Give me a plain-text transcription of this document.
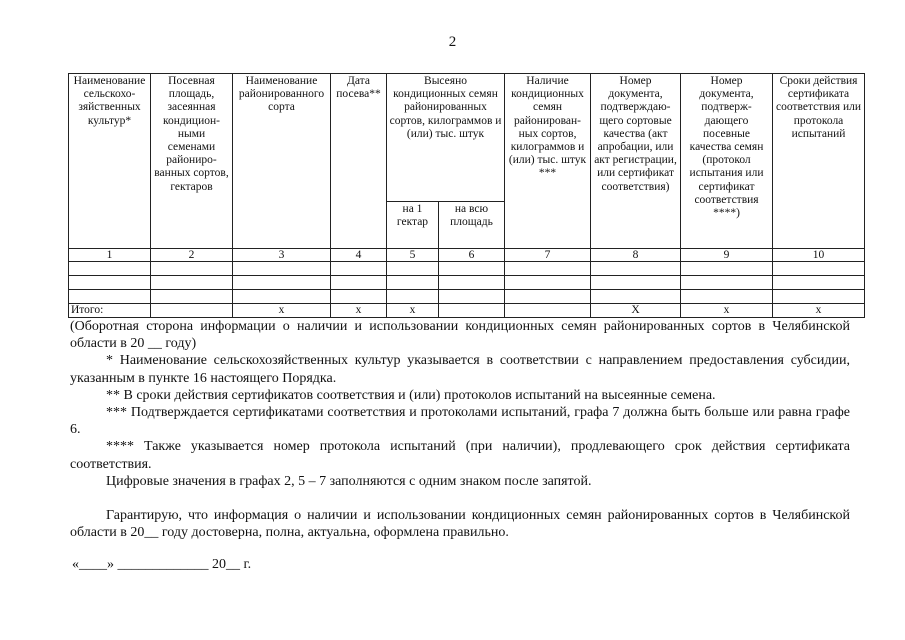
2
Наименование сельскохо-зяйственных культур*	Посевная площадь, засеянная кондицион-ными семенами райониро-ванных сортов, гектаров	Наименование районированного сорта	Дата посева**	Высеяно кондиционных семян районированных сортов, килограммов и (или) тыс. штук		Наличие кондиционных семян районирован-ных сортов, килограммов и (или) тыс. штук ***	Номер документа, подтверждаю-щего сортовые качества (акт апробации, или акт регистрации, или сертификат соответствия)	Номер документа, подтверж-дающего посевные качества семян (протокол испытания или сертификат соответствия ****)	Сроки действия сертификата соответствия или протокола испытаний
				на 1 гектар	на всю площадь				
1	2	3	4	5	6	7	8	9	10

Итого:		x	x	x			X	x	x

(Оборотная сторона информации о наличии и использовании кондиционных семян районированных сортов в Челябинской области в 20 __ году)

* Наименование сельскохозяйственных культур указывается в соответствии с направлением предоставления субсидии, указанным в пункте 16 настоящего Порядка.

** В сроки действия сертификатов соответствия и (или) протоколов испытаний на высеянные семена.

*** Подтверждается сертификатами соответствия и протоколами испытаний, графа 7 должна быть больше или равна графе 6.

**** Также указывается номер протокола испытаний (при наличии), продлевающего срок действия сертификата соответствия.

Цифровые значения в графах 2, 5 – 7 заполняются с одним знаком после запятой.

Гарантирую, что информация о наличии и использовании кондиционных семян районированных сортов в Челябинской области в 20__ году достоверна, полна, актуальна, оформлена правильно.

«____» _____________ 20__ г.
